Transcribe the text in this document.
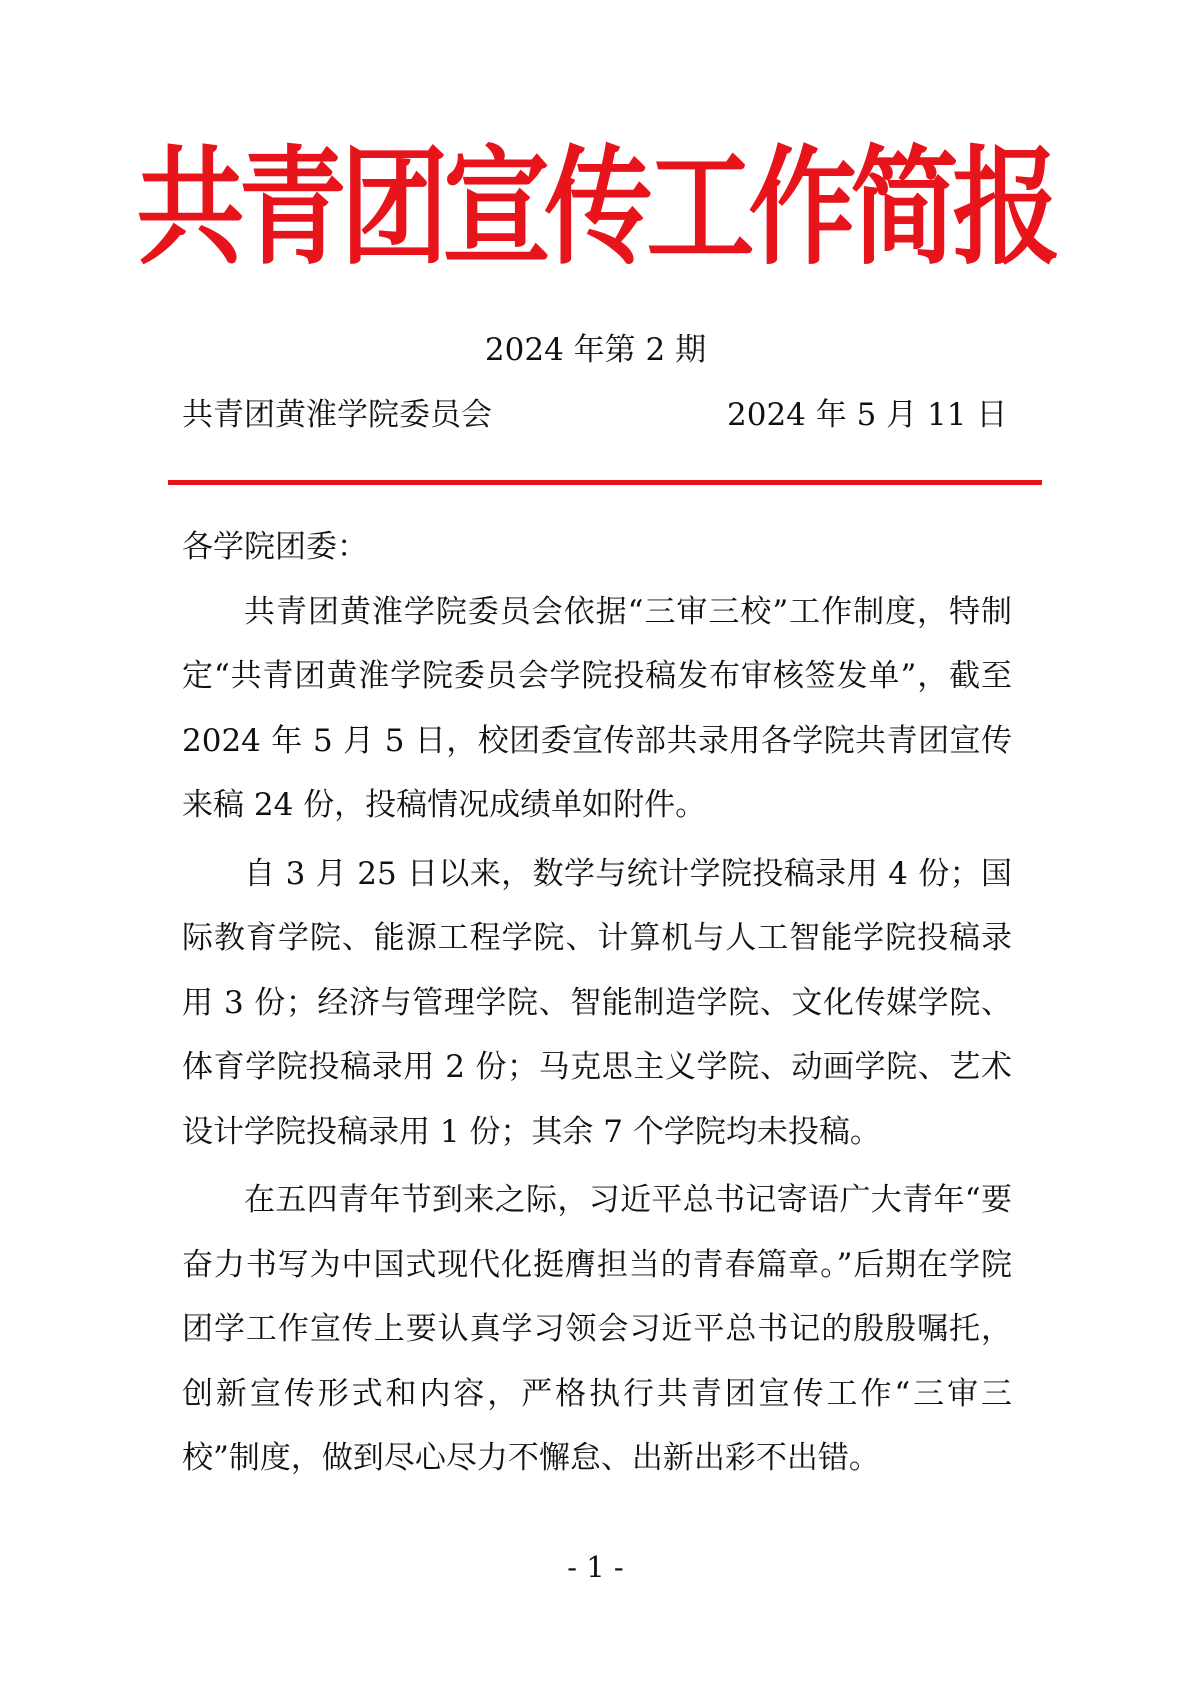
共青团宣传工作简报
2024 年第 2 期
共青团黄淮学院委员会	2024 年 5 月 11 日

各学院团委：

共青团黄淮学院委员会依据“三审三校”工作制度，特制定“共青团黄淮学院委员会学院投稿发布审核签发单”，截至 2024 年 5 月 5 日，校团委宣传部共录用各学院共青团宣传来稿 24 份，投稿情况成绩单如附件。

自 3 月 25 日以来，数学与统计学院投稿录用 4 份；国际教育学院、能源工程学院、计算机与人工智能学院投稿录用 3 份；经济与管理学院、智能制造学院、文化传媒学院、体育学院投稿录用 2 份；马克思主义学院、动画学院、艺术设计学院投稿录用 1 份；其余 7 个学院均未投稿。

在五四青年节到来之际，习近平总书记寄语广大青年“要奋力书写为中国式现代化挺膺担当的青春篇章。”后期在学院团学工作宣传上要认真学习领会习近平总书记的殷殷嘱托，创新宣传形式和内容，严格执行共青团宣传工作“三审三校”制度，做到尽心尽力不懈怠、出新出彩不出错。

- 1 -
